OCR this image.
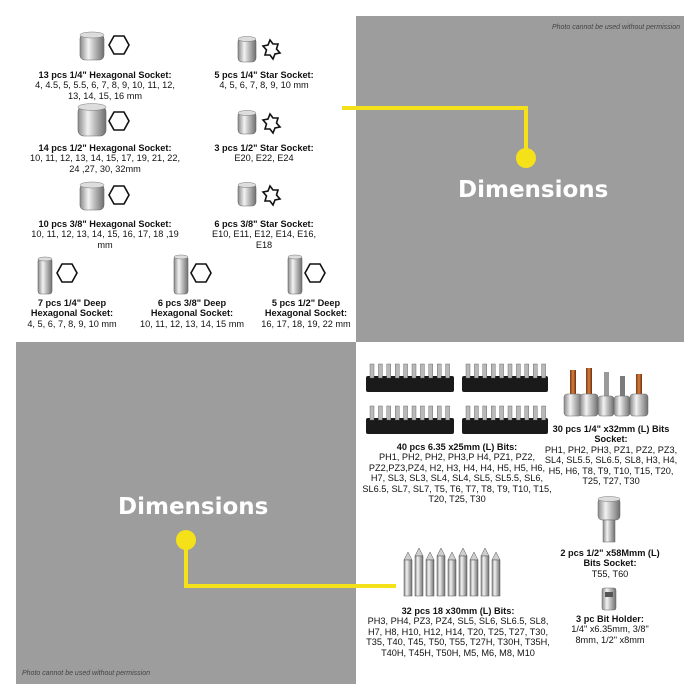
Photo cannot be used without permission
Photo cannot be used without permission
Dimensions
Dimensions
13 pcs 1/4" Hexagonal Socket:
4, 4.5, 5, 5.5, 6, 7, 8, 9, 10, 11, 12, 13, 14, 15, 16 mm
5 pcs 1/4" Star Socket:
4, 5, 6, 7, 8, 9, 10 mm
14 pcs 1/2" Hexagonal Socket:
10, 11, 12, 13, 14, 15, 17, 19, 21, 22, 24 ,27, 30, 32mm
3 pcs 1/2" Star Socket:
E20, E22, E24
10 pcs 3/8" Hexagonal Socket:
10, 11, 12, 13, 14, 15, 16, 17, 18 ,19 mm
6 pcs 3/8" Star Socket:
E10, E11, E12, E14, E16, E18
7 pcs 1/4" Deep Hexagonal Socket:
4, 5, 6, 7, 8, 9, 10 mm
6 pcs 3/8" Deep Hexagonal Socket:
10, 11, 12, 13, 14, 15 mm
5 pcs 1/2" Deep Hexagonal Socket:
16, 17, 18, 19, 22 mm
40 pcs 6.35 x25mm (L) Bits:
PH1, PH2, PH2, PH3,P H4, PZ1, PZ2, PZ2,PZ3,PZ4, H2, H3, H4, H4, H5, H5, H6, H7, SL3, SL3, SL4, SL4, SL5, SL5.5, SL6, SL6.5, SL7, SL7, T5, T6, T7, T8, T9, T10, T15, T20, T25, T30
30 pcs 1/4" x32mm (L) Bits Socket:
PH1, PH2, PH3, PZ1, PZ2, PZ3, SL4, SL5.5, SL6.5, SL8, H3, H4, H5, H6, T8, T9, T10, T15, T20, T25, T27, T30
2 pcs 1/2" x58Mmm (L) Bits Socket:
T55, T60
32 pcs 18 x30mm (L) Bits:
PH3, PH4, PZ3, PZ4, SL5, SL6, SL6.5, SL8, H7, H8, H10, H12, H14, T20, T25, T27, T30, T35, T40, T45, T50, T55, T27H, T30H, T35H, T40H, T45H, T50H, M5, M6, M8, M10
3 pc Bit Holder:
1/4" x6.35mm, 3/8" 8mm, 1/2" x8mm
